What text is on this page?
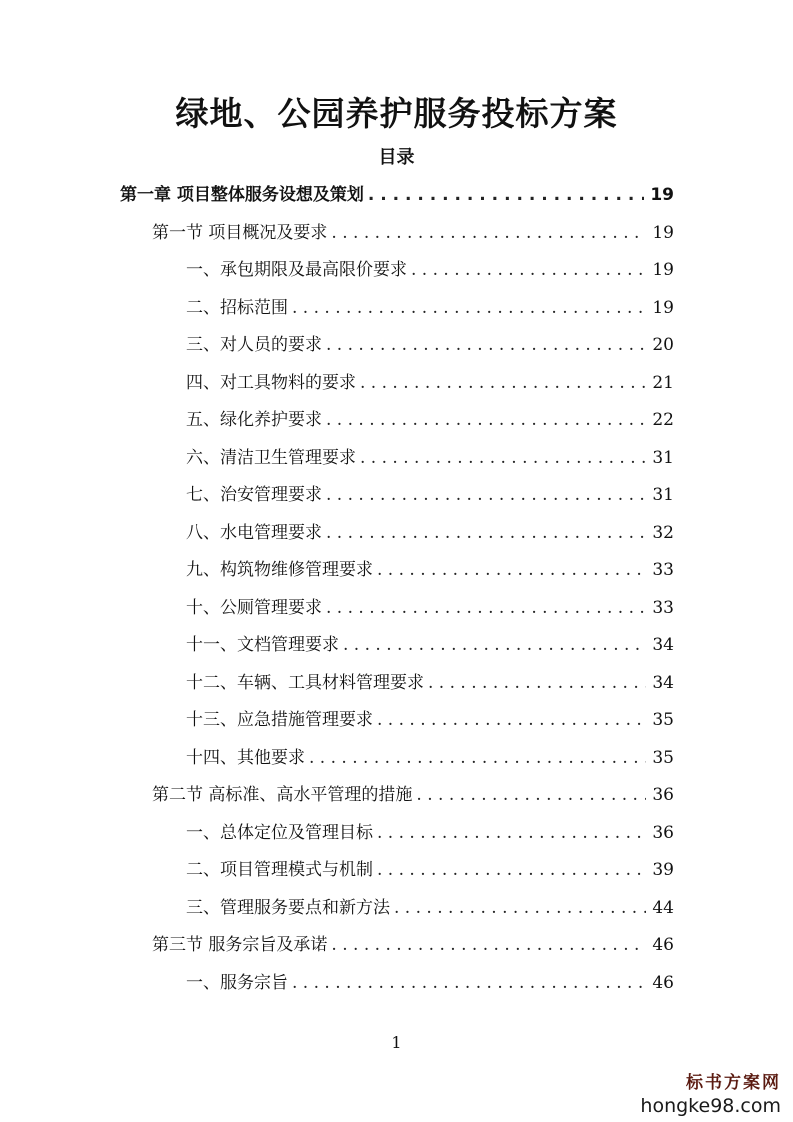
绿地、公园养护服务投标方案
目录
第一章 项目整体服务设想及策划 . . .	19
第一节 项目概况及要求 . . .	19
一、承包期限及最高限价要求 . . .	19
二、招标范围 . . .	19
三、对人员的要求 . . .	20
四、对工具物料的要求 . . .	21
五、绿化养护要求 . . .	22
六、清洁卫生管理要求 . . .	31
七、治安管理要求 . . .	31
八、水电管理要求 . . .	32
九、构筑物维修管理要求 . . .	33
十、公厕管理要求 . . .	33
十一、文档管理要求 . . .	34
十二、车辆、工具材料管理要求 . . .	34
十三、应急措施管理要求 . . .	35
十四、其他要求 . . .	35
第二节 高标准、高水平管理的措施 . . .	36
一、总体定位及管理目标 . . .	36
二、项目管理模式与机制 . . .	39
三、管理服务要点和新方法 . . .	44
第三节 服务宗旨及承诺 . . .	46
一、服务宗旨 . . .	46
1
标书方案网
hongke98.com
